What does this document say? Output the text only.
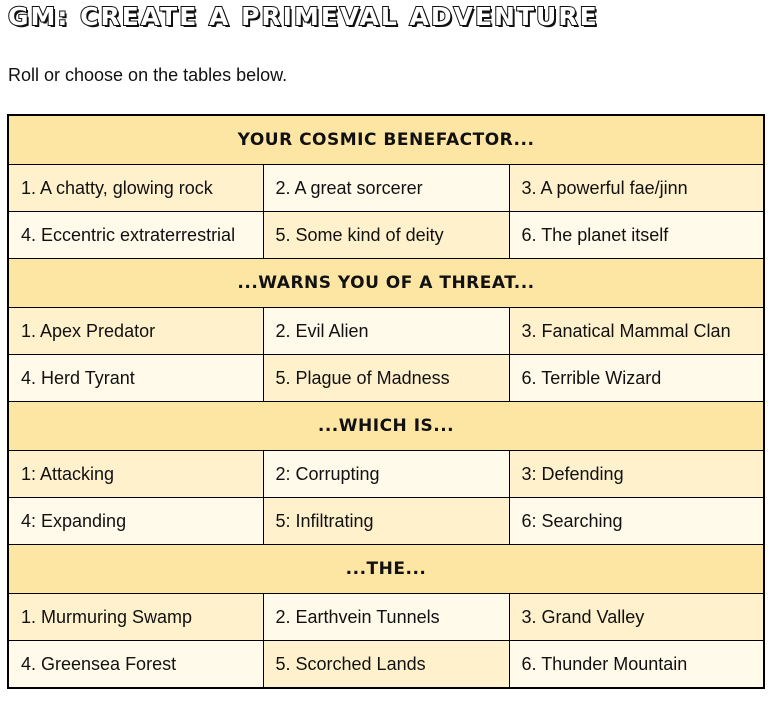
GM: CREATE A PRIMEVAL ADVENTURE
Roll or choose on the tables below.
YOUR COSMIC BENEFACTOR...		
1. A chatty, glowing rock	2. A great sorcerer	3. A powerful fae/jinn
4. Eccentric extraterrestrial	5. Some kind of deity	6. The planet itself
...WARNS YOU OF A THREAT...		
1. Apex Predator	2. Evil Alien	3. Fanatical Mammal Clan
4. Herd Tyrant	5. Plague of Madness	6. Terrible Wizard
...WHICH IS...		
1: Attacking	2: Corrupting	3: Defending
4: Expanding	5: Infiltrating	6: Searching
...THE...		
1. Murmuring Swamp	2. Earthvein Tunnels	3. Grand Valley
4. Greensea Forest	5. Scorched Lands	6. Thunder Mountain
